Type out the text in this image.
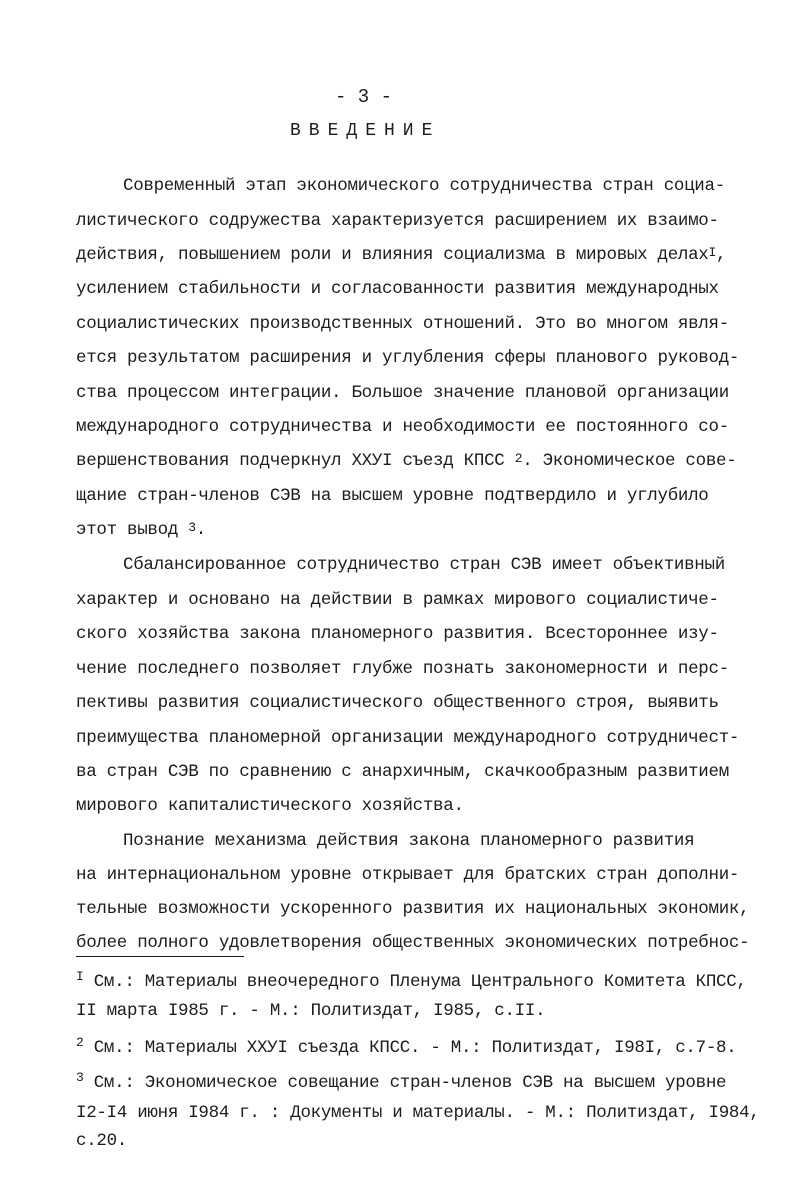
- 3 -
ВВЕДЕНИЕ
Современный этап экономического сотрудничества стран социа-
листического содружества характеризуется расширением их взаимо-
действия, повышением роли и влияния социализма в мировых делах$^I$,
усилением стабильности и согласованности развития международных
социалистических производственных отношений. Это во многом явля-
ется результатом расширения и углубления сферы планового руковод-
ства процессом интеграции. Большое значение плановой организации
международного сотрудничества и необходимости ее постоянного со-
вершенствования подчеркнул ХХУI съезд КПСС $^2$. Экономическое сове-
щание стран-членов СЭВ на высшем уровне подтвердило и углубило
этот вывод $^3$.
Сбалансированное сотрудничество стран СЭВ имеет объективный
характер и основано на действии в рамках мирового социалистиче-
ского хозяйства закона планомерного развития. Всестороннее изу-
чение последнего позволяет глубже познать закономерности и перс-
пективы развития социалистического общественного строя, выявить
преимущества планомерной организации международного сотрудничест-
ва стран СЭВ по сравнению с анархичным, скачкообразным развитием
мирового капиталистического хозяйства.
Познание механизма действия закона планомерного развития
на интернациональном уровне открывает для братских стран дополни-
тельные возможности ускоренного развития их национальных экономик,
более полного удовлетворения общественных экономических потребнос-
$^I$ См.: Материалы внеочередного Пленума Центрального Комитета КПСС,
II марта I985 г. - М.: Политиздат, I985, с.II.
$^2$ См.: Материалы ХХУI съезда КПСС. - М.: Политиздат, I98I, с.7-8.
$^3$ См.: Экономическое совещание стран-членов СЭВ на высшем уровне
I2-I4 июня I984 г. : Документы и материалы. - М.: Политиздат, I984,
с.20.
